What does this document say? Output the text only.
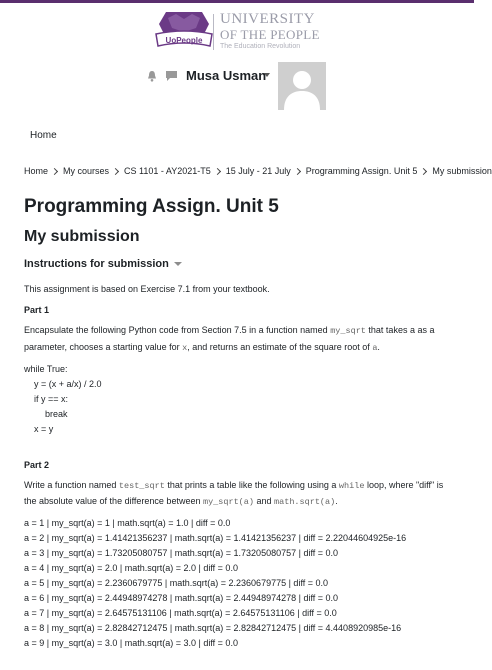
UoPeople
UNIVERSITY
OF THE PEOPLE
The Education Revolution
Musa Usman
Home
Home My courses CS 1101 - AY2021-T5 15 July - 21 July Programming Assign. Unit 5 My submission
Programming Assign. Unit 5
My submission
Instructions for submission
This assignment is based on Exercise 7.1 from your textbook.
Part 1
Encapsulate the following Python code from Section 7.5 in a function named my_sqrt that takes a as a
parameter, chooses a starting value for x, and returns an estimate of the square root of a.
while True:
y = (x + a/x) / 2.0
if y == x:
break
x = y
Part 2
Write a function named test_sqrt that prints a table like the following using a while loop, where "diff" is
the absolute value of the difference between my_sqrt(a) and math.sqrt(a).
a = 1 | my_sqrt(a) = 1 | math.sqrt(a) = 1.0 | diff = 0.0
a = 2 | my_sqrt(a) = 1.41421356237 | math.sqrt(a) = 1.41421356237 | diff = 2.22044604925e-16
a = 3 | my_sqrt(a) = 1.73205080757 | math.sqrt(a) = 1.73205080757 | diff = 0.0
a = 4 | my_sqrt(a) = 2.0 | math.sqrt(a) = 2.0 | diff = 0.0
a = 5 | my_sqrt(a) = 2.2360679775 | math.sqrt(a) = 2.2360679775 | diff = 0.0
a = 6 | my_sqrt(a) = 2.44948974278 | math.sqrt(a) = 2.44948974278 | diff = 0.0
a = 7 | my_sqrt(a) = 2.64575131106 | math.sqrt(a) = 2.64575131106 | diff = 0.0
a = 8 | my_sqrt(a) = 2.82842712475 | math.sqrt(a) = 2.82842712475 | diff = 4.4408920985e-16
a = 9 | my_sqrt(a) = 3.0 | math.sqrt(a) = 3.0 | diff = 0.0
